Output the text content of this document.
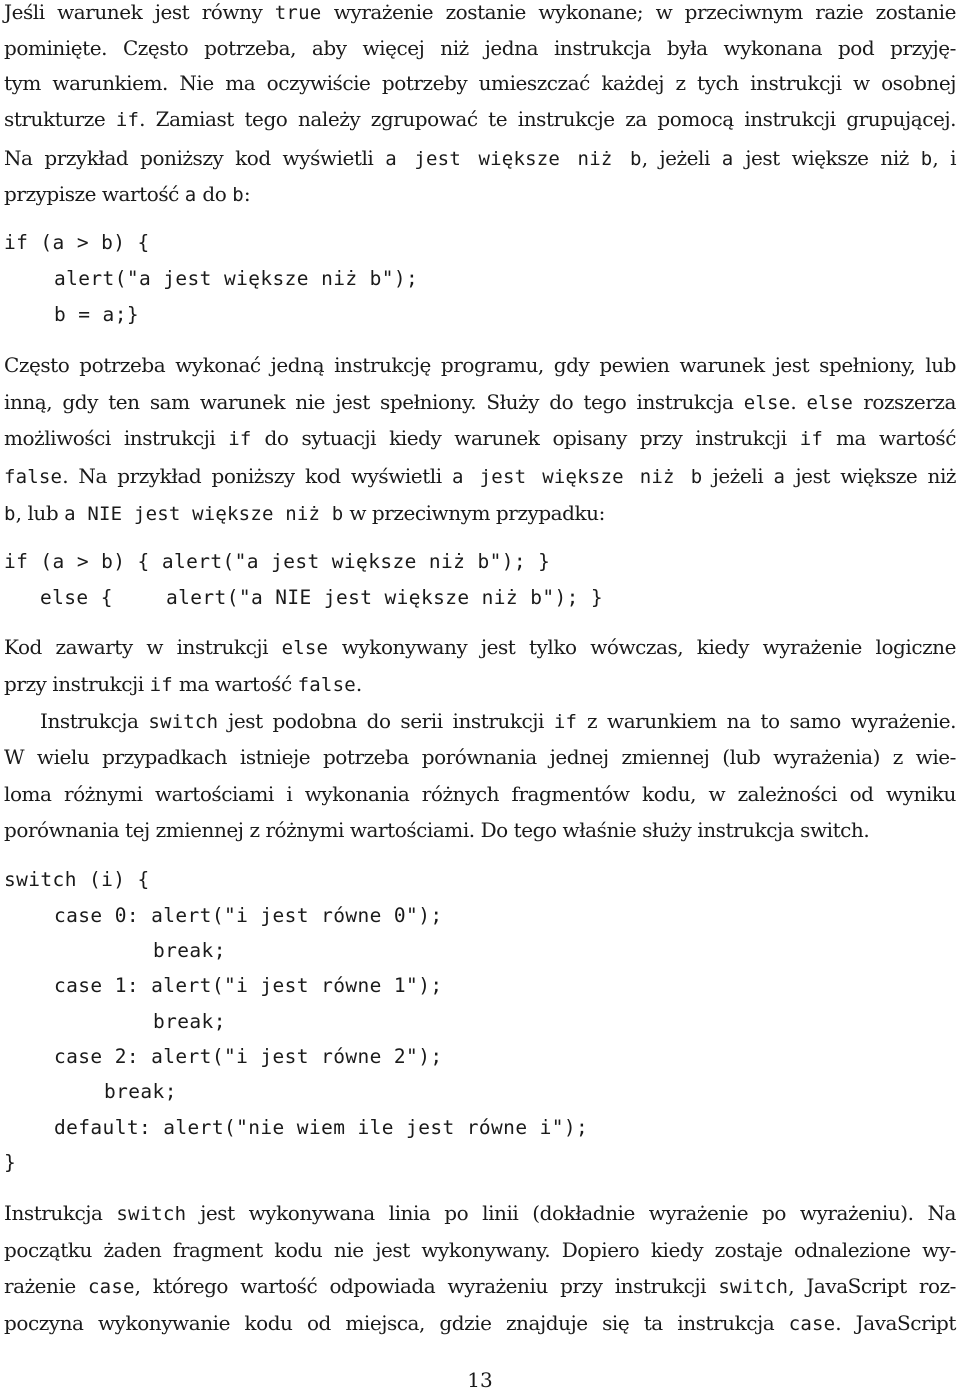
Jeśli warunek jest równy true wyrażenie zostanie wykonane; w przeciwnym razie zostanie
pominięte. Często potrzeba, aby więcej niż jedna instrukcja była wykonana pod przyję-
tym warunkiem. Nie ma oczywiście potrzeby umieszczać każdej z tych instrukcji w osobnej
strukturze if. Zamiast tego należy zgrupować te instrukcje za pomocą instrukcji grupującej.
Na przykład poniższy kod wyświetli a jest większe niż b, jeżeli a jest większe niż b, i
przypisze wartość a do b:
if (a > b) {
alert("a jest większe niż b");
b = a;}
Często potrzeba wykonać jedną instrukcję programu, gdy pewien warunek jest spełniony, lub
inną, gdy ten sam warunek nie jest spełniony. Służy do tego instrukcja else. else rozszerza
możliwości instrukcji if do sytuacji kiedy warunek opisany przy instrukcji if ma wartość
false. Na przykład poniższy kod wyświetli a jest większe niż b jeżeli a jest większe niż
b, lub a NIE jest większe niż b w przeciwnym przypadku:
if (a > b) { alert("a jest większe niż b"); }
else {	alert("a NIE jest większe niż b"); }
Kod zawarty w instrukcji else wykonywany jest tylko wówczas, kiedy wyrażenie logiczne
przy instrukcji if ma wartość false.
Instrukcja switch jest podobna do serii instrukcji if z warunkiem na to samo wyrażenie.
W wielu przypadkach istnieje potrzeba porównania jednej zmiennej (lub wyrażenia) z wie-
loma różnymi wartościami i wykonania różnych fragmentów kodu, w zależności od wyniku
porównania tej zmiennej z różnymi wartościami. Do tego właśnie służy instrukcja switch.
switch (i) {
case 0: alert("i jest równe 0");
break;
case 1: alert("i jest równe 1");
break;
case 2: alert("i jest równe 2");
break;
default: alert("nie wiem ile jest równe i");
}
Instrukcja switch jest wykonywana linia po linii (dokładnie wyrażenie po wyrażeniu). Na
początku żaden fragment kodu nie jest wykonywany. Dopiero kiedy zostaje odnalezione wy-
rażenie case, którego wartość odpowiada wyrażeniu przy instrukcji switch, JavaScript roz-
poczyna wykonywanie kodu od miejsca, gdzie znajduje się ta instrukcja case. JavaScript
13
